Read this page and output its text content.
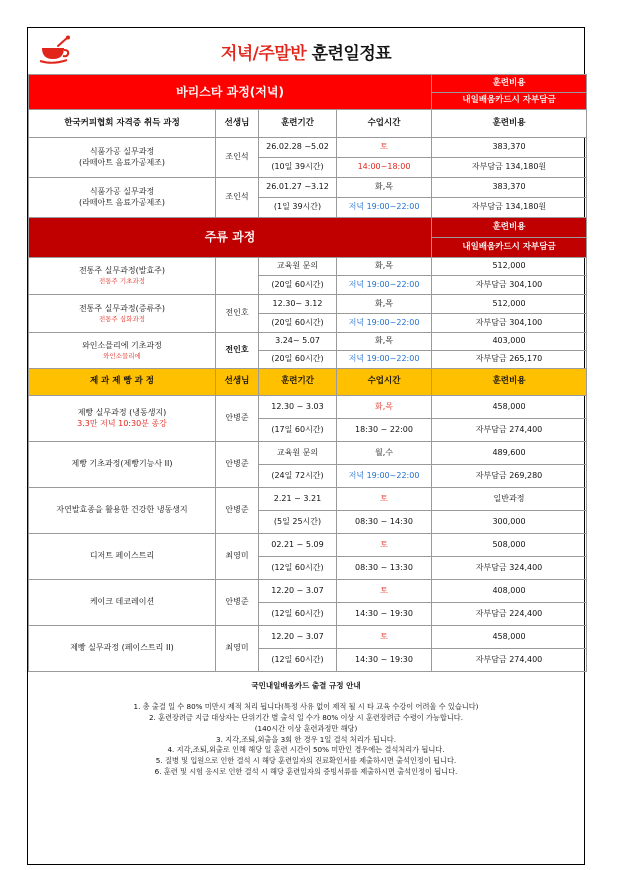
저녁/주말반 훈련일정표
바리스타 과정(저녁)				훈련비용
				내일배움카드시 자부담금
한국커피협회 자격증 취득 과정	선생님	훈련기간	수업시간	훈련비용
식품가공 실무과정
(라떼아트 음료가공제조)	조인석	26.02.28 ~5.02	토	383,370
		(10일 39시간)	14:00~18:00	자부담금 134,180원
식품가공 실무과정
(라떼아트 음료가공제조)	조인석	26.01.27 ~3.12	화,목	383,370
		(1일 39시간)	저녁 19:00~22:00	자부담금 134,180원
주류 과정				훈련비용
				내일배움카드시 자부담금
전통주 실무과정(발효주)
전통주 기초과정		교육원 문의	화,목	512,000
		(20일 60시간)	저녁 19:00~22:00	자부담금 304,100
전통주 실무과정(증류주)
전통주 심화과정	전인호	12.30~ 3.12	화,목	512,000
		(20일 60시간)	저녁 19:00~22:00	자부담금 304,100
와인소믈리에 기초과정
와인소믈리에	전인호	3.24~ 5.07	화,목	403,000
		(20일 60시간)	저녁 19:00~22:00	자부담금 265,170
제 과 제 빵 과 정	선생님	훈련기간	수업시간	훈련비용
제빵 실무과정 (냉동생지)
3.3만 저녁 10:30분 종강	안병준	12.30 ~ 3.03	화,목	458,000
		(17일 60시간)	18:30 ~ 22:00	자부담금 274,400
제빵 기초과정(제빵기능사 II)	안병준	교육원 문의	월,수	489,600
		(24일 72시간)	저녁 19:00~22:00	자부담금 269,280
자연발효종을 활용한 건강한 냉동생지	안병준	2.21 ~ 3.21	토	일반과정
		(5일 25시간)	08:30 ~ 14:30	300,000
디저트 페이스트리	최영미	02.21 ~ 5.09	토	508,000
		(12일 60시간)	08:30 ~ 13:30	자부담금 324,400
케이크 데코레이션	안병준	12.20 ~ 3.07	토	408,000
		(12일 60시간)	14:30 ~ 19:30	자부담금 224,400
제빵 실무과정 (페이스트리 II)	최영미	12.20 ~ 3.07	토	458,000
		(12일 60시간)	14:30 ~ 19:30	자부담금 274,400
국민내일배움카드 출결 규정 안내
1. 총 출결 일 수 80% 미만시 제적 처리 됩니다(특정 사유 없이 제적 될 시 타 교육 수강이 어려울 수 있습니다)
2. 훈련장려금 지급 대상자는 단위기간 별 출석 일 수가 80% 이상 시 훈련장려금 수령이 가능합니다.
(140시간 이상 훈련과정만 해당)
3. 지각,조퇴,외출을 3회 한 경우 1일 결석 처리가 됩니다.
4. 지각,조퇴,외출로 인해 해당 일 훈련 시간이 50% 미만인 경우에는 결석처리가 됩니다.
5. 질병 및 입원으로 인한 결석 시 해당 훈련일자의 진료확인서를 제출하시면 출석인정이 됩니다.
6. 훈련 및 시험 응시로 인한 결석 시 해당 훈련일자의 증빙서류를 제출하시면 출석인정이 됩니다.
